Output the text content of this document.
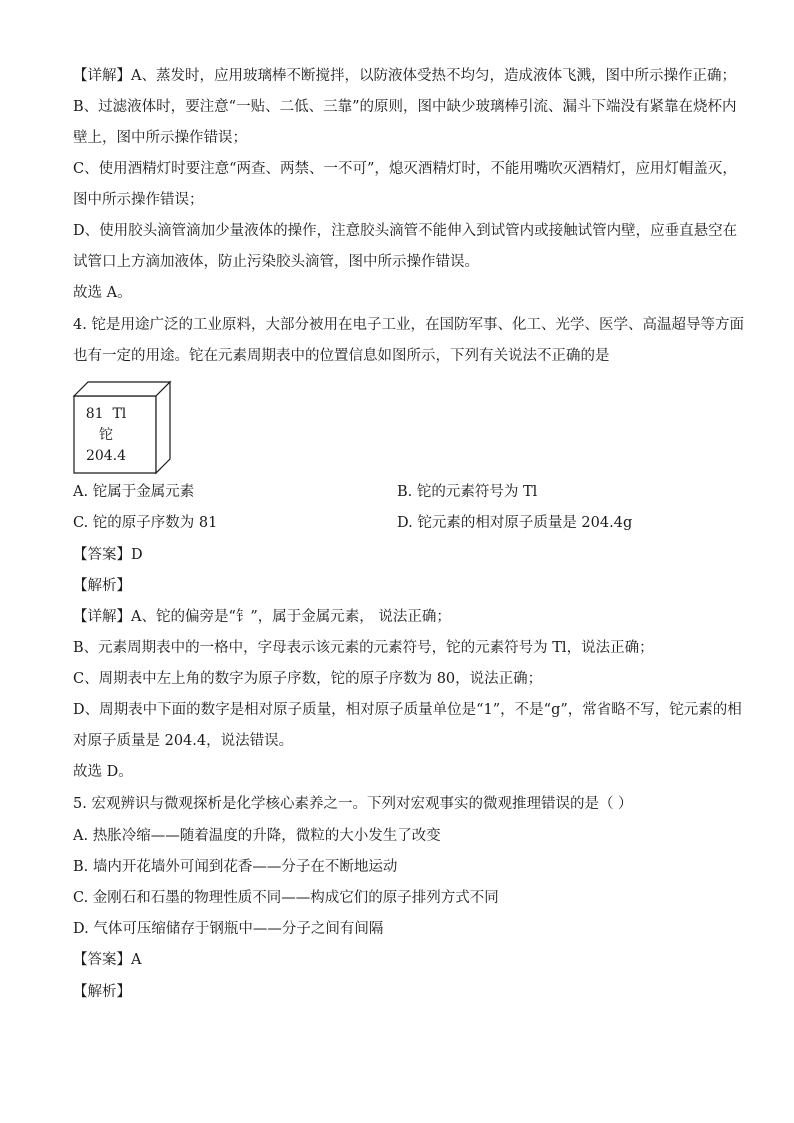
【详解】A、蒸发时，应用玻璃棒不断搅拌，以防液体受热不均匀，造成液体飞溅，图中所示操作正确；
B、过滤液体时，要注意“一贴、二低、三靠”的原则，图中缺少玻璃棒引流、漏斗下端没有紧靠在烧杯内
壁上，图中所示操作错误；
C、使用酒精灯时要注意“两查、两禁、一不可”，熄灭酒精灯时，不能用嘴吹灭酒精灯，应用灯帽盖灭，
图中所示操作错误；
D、使用胶头滴管滴加少量液体的操作，注意胶头滴管不能伸入到试管内或接触试管内壁，应垂直悬空在
试管口上方滴加液体，防止污染胶头滴管，图中所示操作错误。
故选 A。
4. 铊是用途广泛的工业原料，大部分被用在电子工业，在国防军事、化工、光学、医学、高温超导等方面
也有一定的用途。铊在元素周期表中的位置信息如图所示，下列有关说法不正确的是
81 Tl
铊
204.4
A. 铊属于金属元素	B. 铊的元素符号为 Tl
C. 铊的原子序数为 81	D. 铊元素的相对原子质量是 204.4g
【答案】D
【解析】
【详解】A、铊的偏旁是“钅”，属于金属元素， 说法正确；
B、元素周期表中的一格中，字母表示该元素的元素符号，铊的元素符号为 Tl，说法正确；
C、周期表中左上角的数字为原子序数，铊的原子序数为 80，说法正确；
D、周期表中下面的数字是相对原子质量，相对原子质量单位是“1”，不是“g”，常省略不写，铊元素的相
对原子质量是 204.4，说法错误。
故选 D。
5. 宏观辨识与微观探析是化学核心素养之一。下列对宏观事实的微观推理错误的是（ ）
A. 热胀冷缩——随着温度的升降，微粒的大小发生了改变
B. 墙内开花墙外可闻到花香——分子在不断地运动
C. 金刚石和石墨的物理性质不同——构成它们的原子排列方式不同
D. 气体可压缩储存于钢瓶中——分子之间有间隔
【答案】A
【解析】
